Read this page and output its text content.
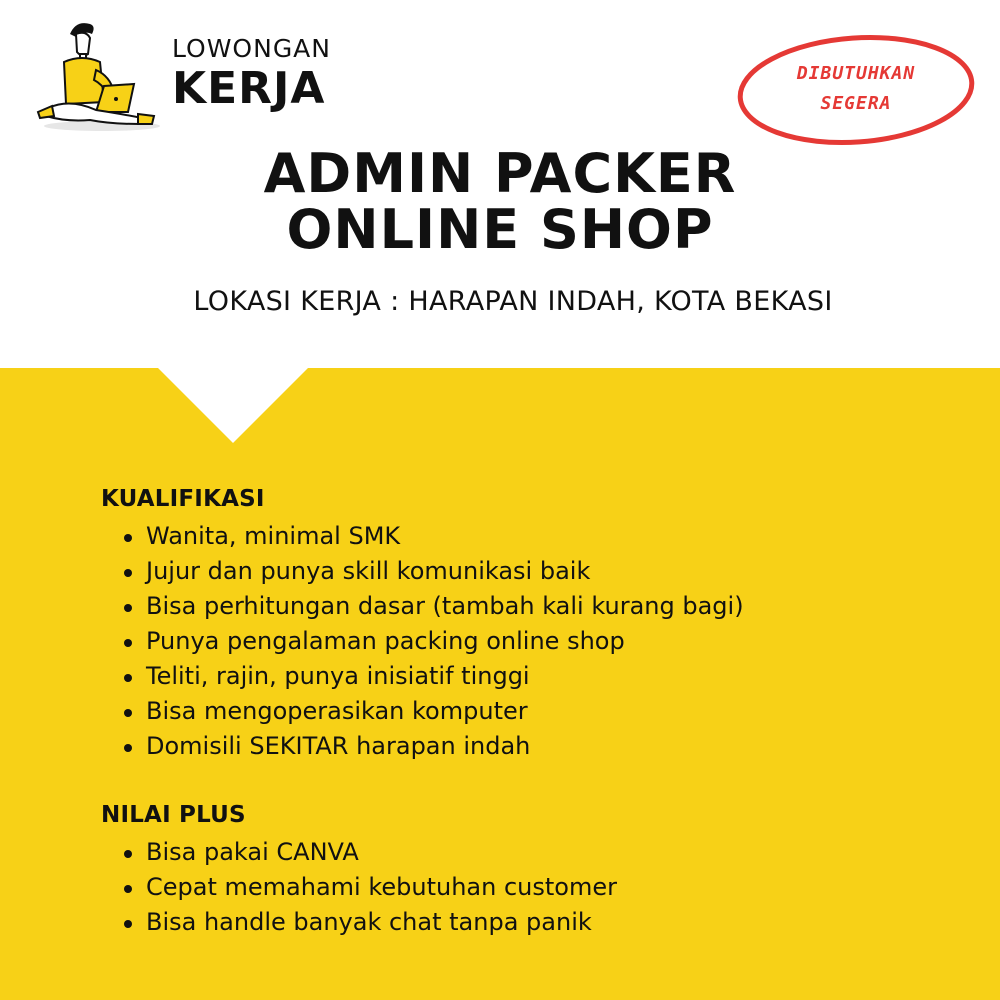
LOWONGAN
KERJA	DIBUTUHKAN
SEGERA
ADMIN PACKER
ONLINE SHOP
LOKASI KERJA : HARAPAN INDAH, KOTA BEKASI
KUALIFIKASI
Wanita, minimal SMK
Jujur dan punya skill komunikasi baik
Bisa perhitungan dasar (tambah kali kurang bagi)
Punya pengalaman packing online shop
Teliti, rajin, punya inisiatif tinggi
Bisa mengoperasikan komputer
Domisili SEKITAR harapan indah
NILAI PLUS
Bisa pakai CANVA
Cepat memahami kebutuhan customer
Bisa handle banyak chat tanpa panik
